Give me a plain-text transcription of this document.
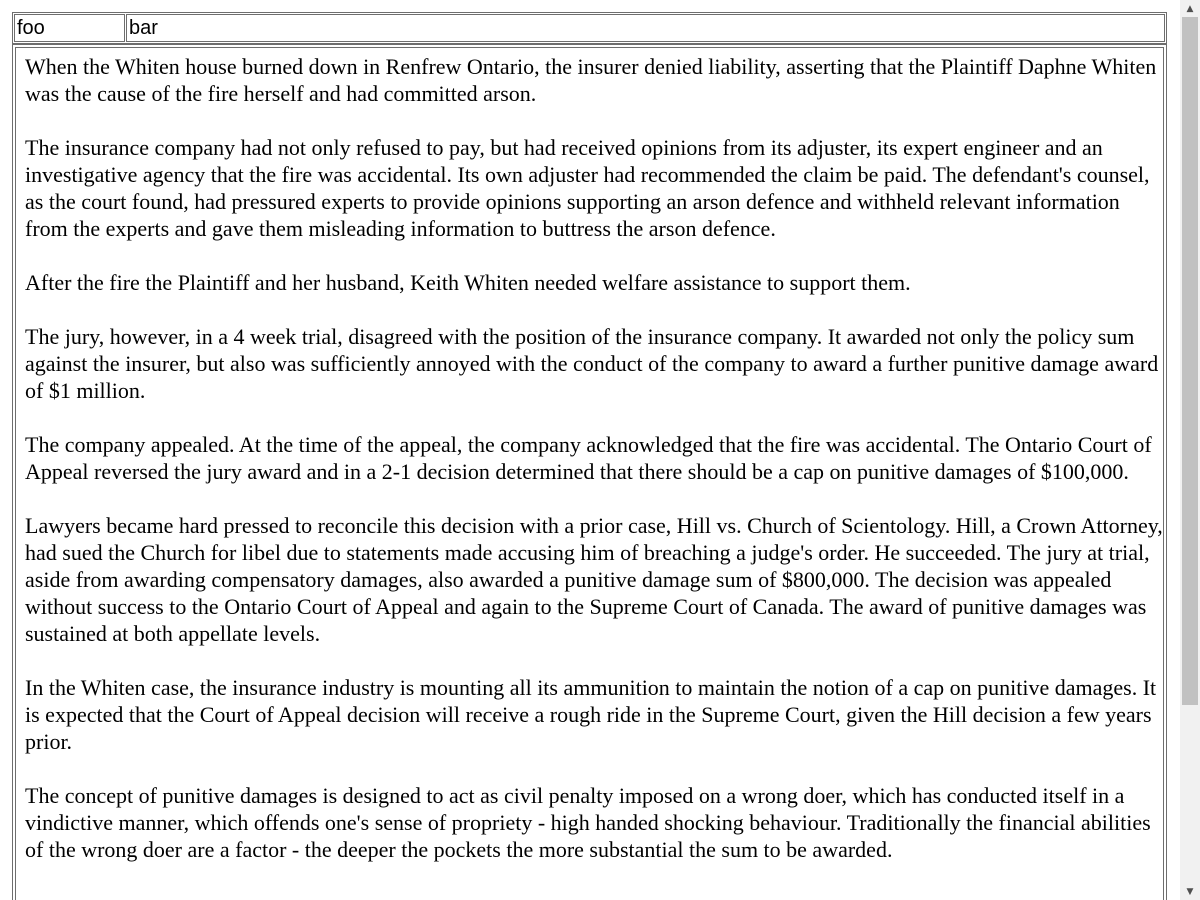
foo	bar

When the Whiten house burned down in Renfrew Ontario, the insurer denied liability, asserting that the Plaintiff Daphne Whiten was the cause of the fire herself and had committed arson.

The insurance company had not only refused to pay, but had received opinions from its adjuster, its expert engineer and an investigative agency that the fire was accidental. Its own adjuster had recommended the claim be paid. The defendant's counsel, as the court found, had pressured experts to provide opinions supporting an arson defence and withheld relevant information from the experts and gave them misleading information to buttress the arson defence.

After the fire the Plaintiff and her husband, Keith Whiten needed welfare assistance to support them.

The jury, however, in a 4 week trial, disagreed with the position of the insurance company. It awarded not only the policy sum against the insurer, but also was sufficiently annoyed with the conduct of the company to award a further punitive damage award of $1 million.

The company appealed. At the time of the appeal, the company acknowledged that the fire was accidental. The Ontario Court of Appeal reversed the jury award and in a 2-1 decision determined that there should be a cap on punitive damages of $100,000.

Lawyers became hard pressed to reconcile this decision with a prior case, Hill vs. Church of Scientology. Hill, a Crown Attorney, had sued the Church for libel due to statements made accusing him of breaching a judge's order. He succeeded. The jury at trial, aside from awarding compensatory damages, also awarded a punitive damage sum of $800,000. The decision was appealed without success to the Ontario Court of Appeal and again to the Supreme Court of Canada. The award of punitive damages was sustained at both appellate levels.

In the Whiten case, the insurance industry is mounting all its ammunition to maintain the notion of a cap on punitive damages. It is expected that the Court of Appeal decision will receive a rough ride in the Supreme Court, given the Hill decision a few years prior.

The concept of punitive damages is designed to act as civil penalty imposed on a wrong doer, which has conducted itself in a vindictive manner, which offends one's sense of propriety - high handed shocking behaviour. Traditionally the financial abilities of the wrong doer are a factor - the deeper the pockets the more substantial the sum to be awarded.

▲
▼
